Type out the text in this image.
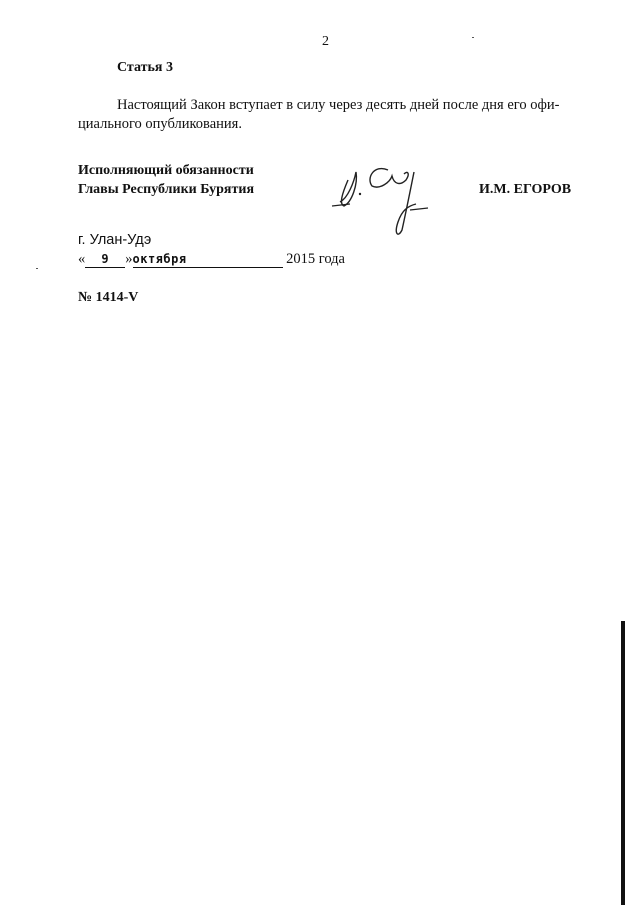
2
Статья 3
Настоящий Закон вступает в силу через десять дней после дня его офи-
циального опубликования.
Исполняющий обязанности
Главы Республики Бурятия	И.М. ЕГОРОВ
г. Улан-Удэ
« 9 »октября	2015 года
№ 1414-V
